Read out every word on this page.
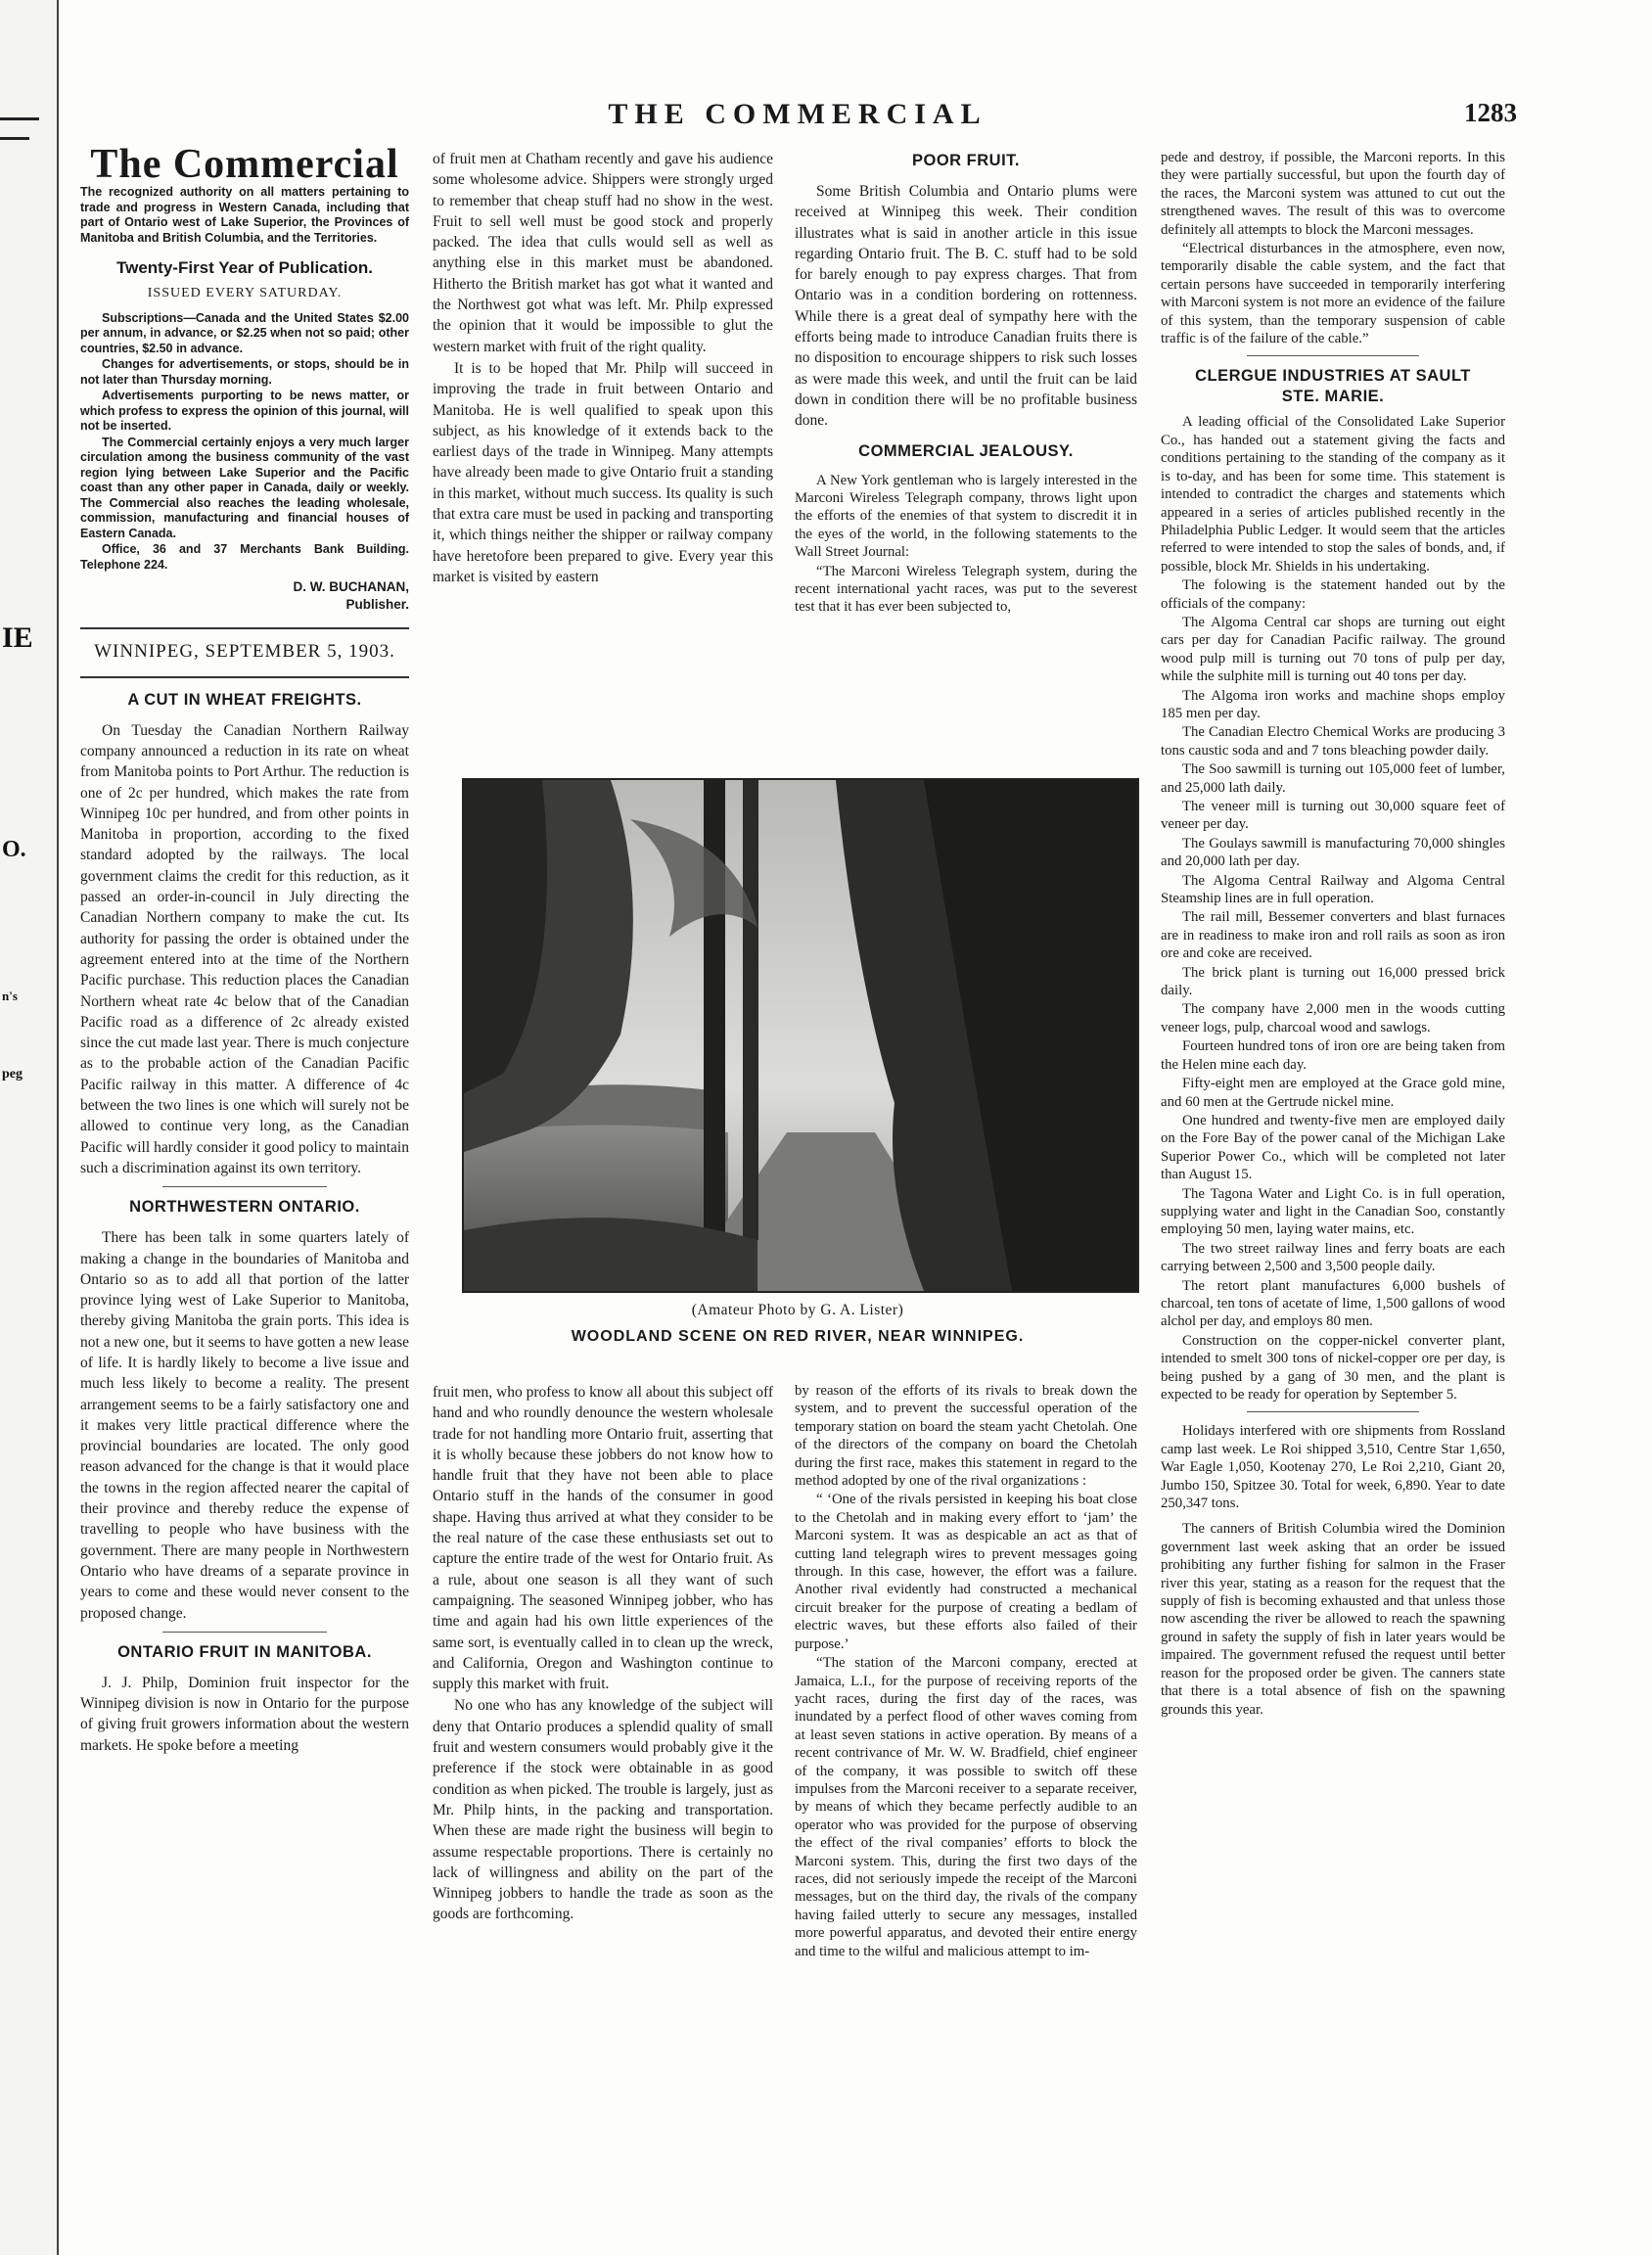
IE
O.
n's
peg
THE COMMERCIAL	1283
The Commercial
The recognized authority on all matters pertaining to trade and progress in Western Canada, including that part of Ontario west of Lake Superior, the Provinces of Manitoba and British Columbia, and the Territories.
Twenty-First Year of Publication.
ISSUED EVERY SATURDAY.

Subscriptions—Canada and the United States $2.00 per annum, in advance, or $2.25 when not so paid; other countries, $2.50 in advance.

Changes for advertisements, or stops, should be in not later than Thursday morning.

Advertisements purporting to be news matter, or which profess to express the opinion of this journal, will not be inserted.

The Commercial certainly enjoys a very much larger circulation among the business community of the vast region lying between Lake Superior and the Pacific coast than any other paper in Canada, daily or weekly. The Commercial also reaches the leading wholesale, commission, manufacturing and financial houses of Eastern Canada.

Office, 36 and 37 Merchants Bank Building. Telephone 224.

D. W. BUCHANAN,
Publisher.
WINNIPEG, SEPTEMBER 5, 1903.
A CUT IN WHEAT FREIGHTS.

On Tuesday the Canadian Northern Railway company announced a reduction in its rate on wheat from Manitoba points to Port Arthur. The reduction is one of 2c per hundred, which makes the rate from Winnipeg 10c per hundred, and from other points in Manitoba in proportion, according to the fixed standard adopted by the railways. The local government claims the credit for this reduction, as it passed an order-in-council in July directing the Canadian Northern company to make the cut. Its authority for passing the order is obtained under the agreement entered into at the time of the Northern Pacific purchase. This reduction places the Canadian Northern wheat rate 4c below that of the Canadian Pacific road as a difference of 2c already existed since the cut made last year. There is much conjecture as to the probable action of the Canadian Pacific Pacific railway in this matter. A difference of 4c between the two lines is one which will surely not be allowed to continue very long, as the Canadian Pacific will hardly consider it good policy to maintain such a discrimination against its own territory.

NORTHWESTERN ONTARIO.

There has been talk in some quarters lately of making a change in the boundaries of Manitoba and Ontario so as to add all that portion of the latter province lying west of Lake Superior to Manitoba, thereby giving Manitoba the grain ports. This idea is not a new one, but it seems to have gotten a new lease of life. It is hardly likely to become a live issue and much less likely to become a reality. The present arrangement seems to be a fairly satisfactory one and it makes very little practical difference where the provincial boundaries are located. The only good reason advanced for the change is that it would place the towns in the region affected nearer the capital of their province and thereby reduce the expense of travelling to people who have business with the government. There are many people in Northwestern Ontario who have dreams of a separate province in years to come and these would never consent to the proposed change.

ONTARIO FRUIT IN MANITOBA.

J. J. Philp, Dominion fruit inspector for the Winnipeg division is now in Ontario for the purpose of giving fruit growers information about the western markets. He spoke before a meeting

of fruit men at Chatham recently and gave his audience some wholesome advice. Shippers were strongly urged to remember that cheap stuff had no show in the west. Fruit to sell well must be good stock and properly packed. The idea that culls would sell as well as anything else in this market must be abandoned. Hitherto the British market has got what it wanted and the Northwest got what was left. Mr. Philp expressed the opinion that it would be impossible to glut the western market with fruit of the right quality.

It is to be hoped that Mr. Philp will succeed in improving the trade in fruit between Ontario and Manitoba. He is well qualified to speak upon this subject, as his knowledge of it extends back to the earliest days of the trade in Winnipeg. Many attempts have already been made to give Ontario fruit a standing in this market, without much success. Its quality is such that extra care must be used in packing and transporting it, which things neither the shipper or railway company have heretofore been prepared to give. Every year this market is visited by eastern

POOR FRUIT.

Some British Columbia and Ontario plums were received at Winnipeg this week. Their condition illustrates what is said in another article in this issue regarding Ontario fruit. The B. C. stuff had to be sold for barely enough to pay express charges. That from Ontario was in a condition bordering on rottenness. While there is a great deal of sympathy here with the efforts being made to introduce Canadian fruits there is no disposition to encourage shippers to risk such losses as were made this week, and until the fruit can be laid down in condition there will be no profitable business done.

COMMERCIAL JEALOUSY.

A New York gentleman who is largely interested in the Marconi Wireless Telegraph company, throws light upon the efforts of the enemies of that system to discredit it in the eyes of the world, in the following statements to the Wall Street Journal:

“The Marconi Wireless Telegraph system, during the recent international yacht races, was put to the severest test that it has ever been subjected to,

(Amateur Photo by G. A. Lister)
WOODLAND SCENE ON RED RIVER, NEAR WINNIPEG.

fruit men, who profess to know all about this subject off hand and who roundly denounce the western wholesale trade for not handling more Ontario fruit, asserting that it is wholly because these jobbers do not know how to handle fruit that they have not been able to place Ontario stuff in the hands of the consumer in good shape. Having thus arrived at what they consider to be the real nature of the case these enthusiasts set out to capture the entire trade of the west for Ontario fruit. As a rule, about one season is all they want of such campaigning. The seasoned Winnipeg jobber, who has time and again had his own little experiences of the same sort, is eventually called in to clean up the wreck, and California, Oregon and Washington continue to supply this market with fruit.

No one who has any knowledge of the subject will deny that Ontario produces a splendid quality of small fruit and western consumers would probably give it the preference if the stock were obtainable in as good condition as when picked. The trouble is largely, just as Mr. Philp hints, in the packing and transportation. When these are made right the business will begin to assume respectable proportions. There is certainly no lack of willingness and ability on the part of the Winnipeg jobbers to handle the trade as soon as the goods are forthcoming.

by reason of the efforts of its rivals to break down the system, and to prevent the successful operation of the temporary station on board the steam yacht Chetolah. One of the directors of the company on board the Chetolah during the first race, makes this statement in regard to the method adopted by one of the rival organizations :

“ ‘One of the rivals persisted in keeping his boat close to the Chetolah and in making every effort to ‘jam’ the Marconi system. It was as despicable an act as that of cutting land telegraph wires to prevent messages going through. In this case, however, the effort was a failure. Another rival evidently had constructed a mechanical circuit breaker for the purpose of creating a bedlam of electric waves, but these efforts also failed of their purpose.’

“The station of the Marconi company, erected at Jamaica, L.I., for the purpose of receiving reports of the yacht races, during the first day of the races, was inundated by a perfect flood of other waves coming from at least seven stations in active operation. By means of a recent contrivance of Mr. W. W. Bradfield, chief engineer of the company, it was possible to switch off these impulses from the Marconi receiver to a separate receiver, by means of which they became perfectly audible to an operator who was provided for the purpose of observing the effect of the rival companies’ efforts to block the Marconi system. This, during the first two days of the races, did not seriously impede the receipt of the Marconi messages, but on the third day, the rivals of the company having failed utterly to secure any messages, installed more powerful apparatus, and devoted their entire energy and time to the wilful and malicious attempt to im-

pede and destroy, if possible, the Marconi reports. In this they were partially successful, but upon the fourth day of the races, the Marconi system was attuned to cut out the strengthened waves. The result of this was to overcome definitely all attempts to block the Marconi messages.

“Electrical disturbances in the atmosphere, even now, temporarily disable the cable system, and the fact that certain persons have succeeded in temporarily interfering with Marconi system is not more an evidence of the failure of this system, than the temporary suspension of cable traffic is of the failure of the cable.”

CLERGUE INDUSTRIES AT SAULT
STE. MARIE.

A leading official of the Consolidated Lake Superior Co., has handed out a statement giving the facts and conditions pertaining to the standing of the company as it is to-day, and has been for some time. This statement is intended to contradict the charges and statements which appeared in a series of articles published recently in the Philadelphia Public Ledger. It would seem that the articles referred to were intended to stop the sales of bonds, and, if possible, block Mr. Shields in his undertaking.

The folowing is the statement handed out by the officials of the company:

The Algoma Central car shops are turning out eight cars per day for Canadian Pacific railway. The ground wood pulp mill is turning out 70 tons of pulp per day, while the sulphite mill is turning out 40 tons per day.

The Algoma iron works and machine shops employ 185 men per day.

The Canadian Electro Chemical Works are producing 3 tons caustic soda and and 7 tons bleaching powder daily.

The Soo sawmill is turning out 105,000 feet of lumber, and 25,000 lath daily.

The veneer mill is turning out 30,000 square feet of veneer per day.

The Goulays sawmill is manufacturing 70,000 shingles and 20,000 lath per day.

The Algoma Central Railway and Algoma Central Steamship lines are in full operation.

The rail mill, Bessemer converters and blast furnaces are in readiness to make iron and roll rails as soon as iron ore and coke are received.

The brick plant is turning out 16,000 pressed brick daily.

The company have 2,000 men in the woods cutting veneer logs, pulp, charcoal wood and sawlogs.

Fourteen hundred tons of iron ore are being taken from the Helen mine each day.

Fifty-eight men are employed at the Grace gold mine, and 60 men at the Gertrude nickel mine.

One hundred and twenty-five men are employed daily on the Fore Bay of the power canal of the Michigan Lake Superior Power Co., which will be completed not later than August 15.

The Tagona Water and Light Co. is in full operation, supplying water and light in the Canadian Soo, constantly employing 50 men, laying water mains, etc.

The two street railway lines and ferry boats are each carrying between 2,500 and 3,500 people daily.

The retort plant manufactures 6,000 bushels of charcoal, ten tons of acetate of lime, 1,500 gallons of wood alchol per day, and employs 80 men.

Construction on the copper-nickel converter plant, intended to smelt 300 tons of nickel-copper ore per day, is being pushed by a gang of 30 men, and the plant is expected to be ready for operation by September 5.

Holidays interfered with ore shipments from Rossland camp last week. Le Roi shipped 3,510, Centre Star 1,650, War Eagle 1,050, Kootenay 270, Le Roi 2,210, Giant 20, Jumbo 150, Spitzee 30. Total for week, 6,890. Year to date 250,347 tons.

The canners of British Columbia wired the Dominion government last week asking that an order be issued prohibiting any further fishing for salmon in the Fraser river this year, stating as a reason for the request that the supply of fish is becoming exhausted and that unless those now ascending the river be allowed to reach the spawning ground in safety the supply of fish in later years would be impaired. The government refused the request until better reason for the proposed order be given. The canners state that there is a total absence of fish on the spawning grounds this year.
